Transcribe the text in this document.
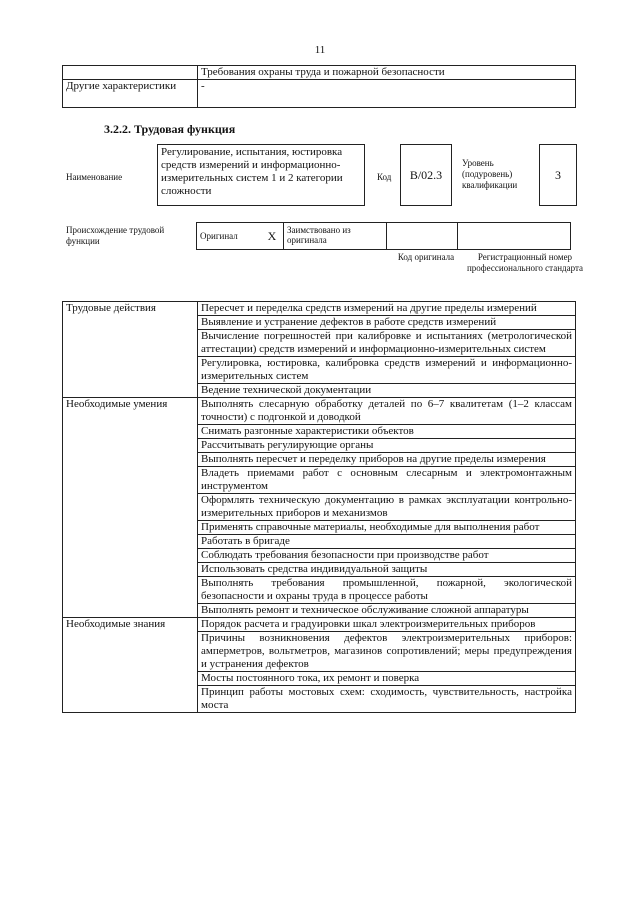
11
	Требования охраны труда и пожарной безопасности
Другие характеристики	-
3.2.2. Трудовая функция
Наименование
Регулирование, испытания, юстировка средств измерений и информационно-измерительных систем 1 и 2 категории сложности
Код	B/02.3
Уровень (подуровень) квалификации
3
Происхождение трудовой функции	Оригинал	X	Заимствовано из оригинала		
Код оригинала	Регистрационный номер профессионального стандарта
Трудовые действия	Пересчет и переделка средств измерений на другие пределы измерений
	Выявление и устранение дефектов в работе средств измерений
	Вычисление погрешностей при калибровке и испытаниях (метрологической аттестации) средств измерений и информационно-измерительных систем
	Регулировка, юстировка, калибровка средств измерений и информационно-измерительных систем
	Ведение технической документации
Необходимые умения	Выполнять слесарную обработку деталей по 6–7 квалитетам (1–2 классам точности) с подгонкой и доводкой
	Снимать разгонные характеристики объектов
	Рассчитывать регулирующие органы
	Выполнять пересчет и переделку приборов на другие пределы измерения
	Владеть приемами работ с основным слесарным и электромонтажным инструментом
	Оформлять техническую документацию в рамках эксплуатации контрольно-измерительных приборов и механизмов
	Применять справочные материалы, необходимые для выполнения работ
	Работать в бригаде
	Соблюдать требования безопасности при производстве работ
	Использовать средства индивидуальной защиты
	Выполнять требования промышленной, пожарной, экологической безопасности и охраны труда в процессе работы
	Выполнять ремонт и техническое обслуживание сложной аппаратуры
Необходимые знания	Порядок расчета и градуировки шкал электроизмерительных приборов
	Причины возникновения дефектов электроизмерительных приборов: амперметров, вольтметров, магазинов сопротивлений; меры предупреждения и устранения дефектов
	Мосты постоянного тока, их ремонт и поверка
	Принцип работы мостовых схем: сходимость, чувствительность, настройка моста
